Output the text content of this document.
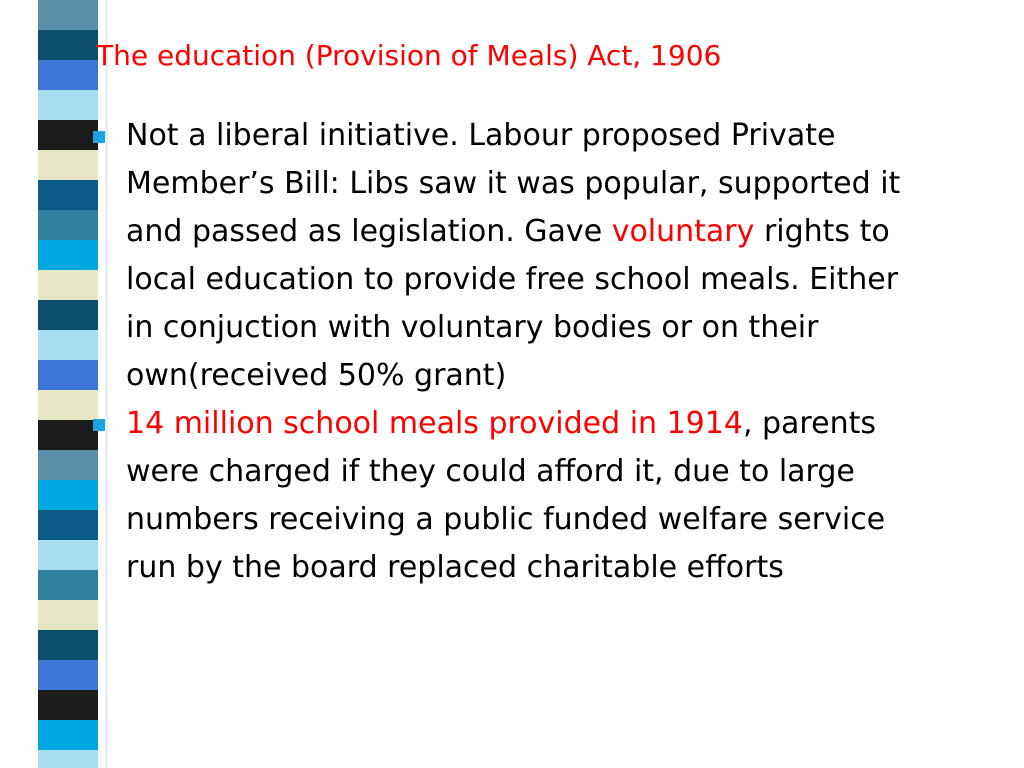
The education (Provision of Meals) Act, 1906
Not a liberal initiative. Labour proposed Private Member’s Bill: Libs saw it was popular, supported it and passed as legislation. Gave voluntary rights to local education to provide free school meals. Either in conjuction with voluntary bodies or on their own(received 50% grant)
14 million school meals provided in 1914, parents were charged if they could afford it, due to large numbers receiving a public funded welfare service run by the board replaced charitable efforts
